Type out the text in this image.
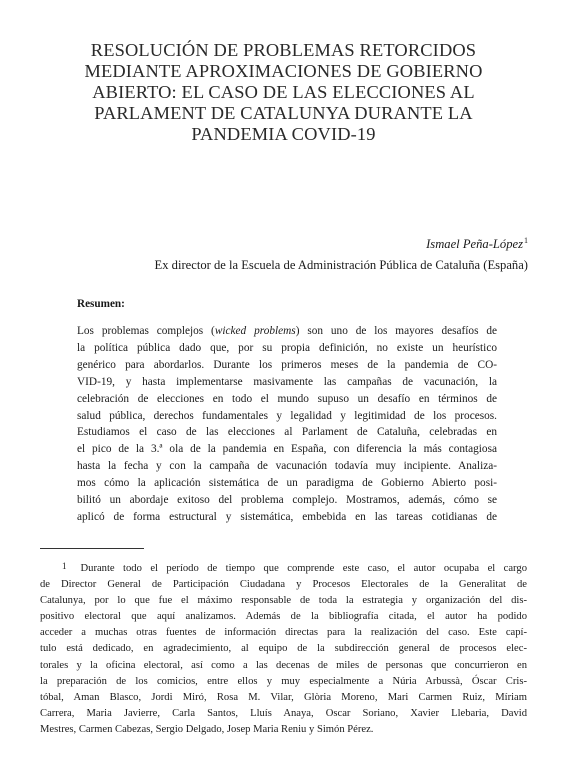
RESOLUCIÓN DE PROBLEMAS RETORCIDOS
MEDIANTE APROXIMACIONES DE GOBIERNO
ABIERTO: EL CASO DE LAS ELECCIONES AL
PARLAMENT DE CATALUNYA DURANTE LA
PANDEMIA COVID-19
Ismael Peña-López$^1$
Ex director de la Escuela de Administración Pública de Cataluña (España)
Resumen:
Los problemas complejos (wicked problems) son uno de los mayores desafíos de
la política pública dado que, por su propia definición, no existe un heurístico
genérico para abordarlos. Durante los primeros meses de la pandemia de CO-
VID-19, y hasta implementarse masivamente las campañas de vacunación, la
celebración de elecciones en todo el mundo supuso un desafío en términos de
salud pública, derechos fundamentales y legalidad y legitimidad de los procesos.
Estudiamos el caso de las elecciones al Parlament de Cataluña, celebradas en
el pico de la 3.ª ola de la pandemia en España, con diferencia la más contagiosa
hasta la fecha y con la campaña de vacunación todavía muy incipiente. Analiza-
mos cómo la aplicación sistemática de un paradigma de Gobierno Abierto posi-
bilitó un abordaje exitoso del problema complejo. Mostramos, además, cómo se
aplicó de forma estructural y sistemática, embebida en las tareas cotidianas de
1 Durante todo el período de tiempo que comprende este caso, el autor ocupaba el cargo
de Director General de Participación Ciudadana y Procesos Electorales de la Generalitat de
Catalunya, por lo que fue el máximo responsable de toda la estrategia y organización del dis-
positivo electoral que aquí analizamos. Además de la bibliografía citada, el autor ha podido
acceder a muchas otras fuentes de información directas para la realización del caso. Este capí-
tulo está dedicado, en agradecimiento, al equipo de la subdirección general de procesos elec-
torales y la oficina electoral, así como a las decenas de miles de personas que concurrieron en
la preparación de los comicios, entre ellos y muy especialmente a Núria Arbussà, Óscar Cris-
tóbal, Aman Blasco, Jordi Miró, Rosa M. Vilar, Glòria Moreno, Mari Carmen Ruiz, Míriam
Carrera, Maria Javierre, Carla Santos, Lluís Anaya, Oscar Soriano, Xavier Llebaria, David
Mestres, Carmen Cabezas, Sergio Delgado, Josep Maria Reniu y Simón Pérez.
